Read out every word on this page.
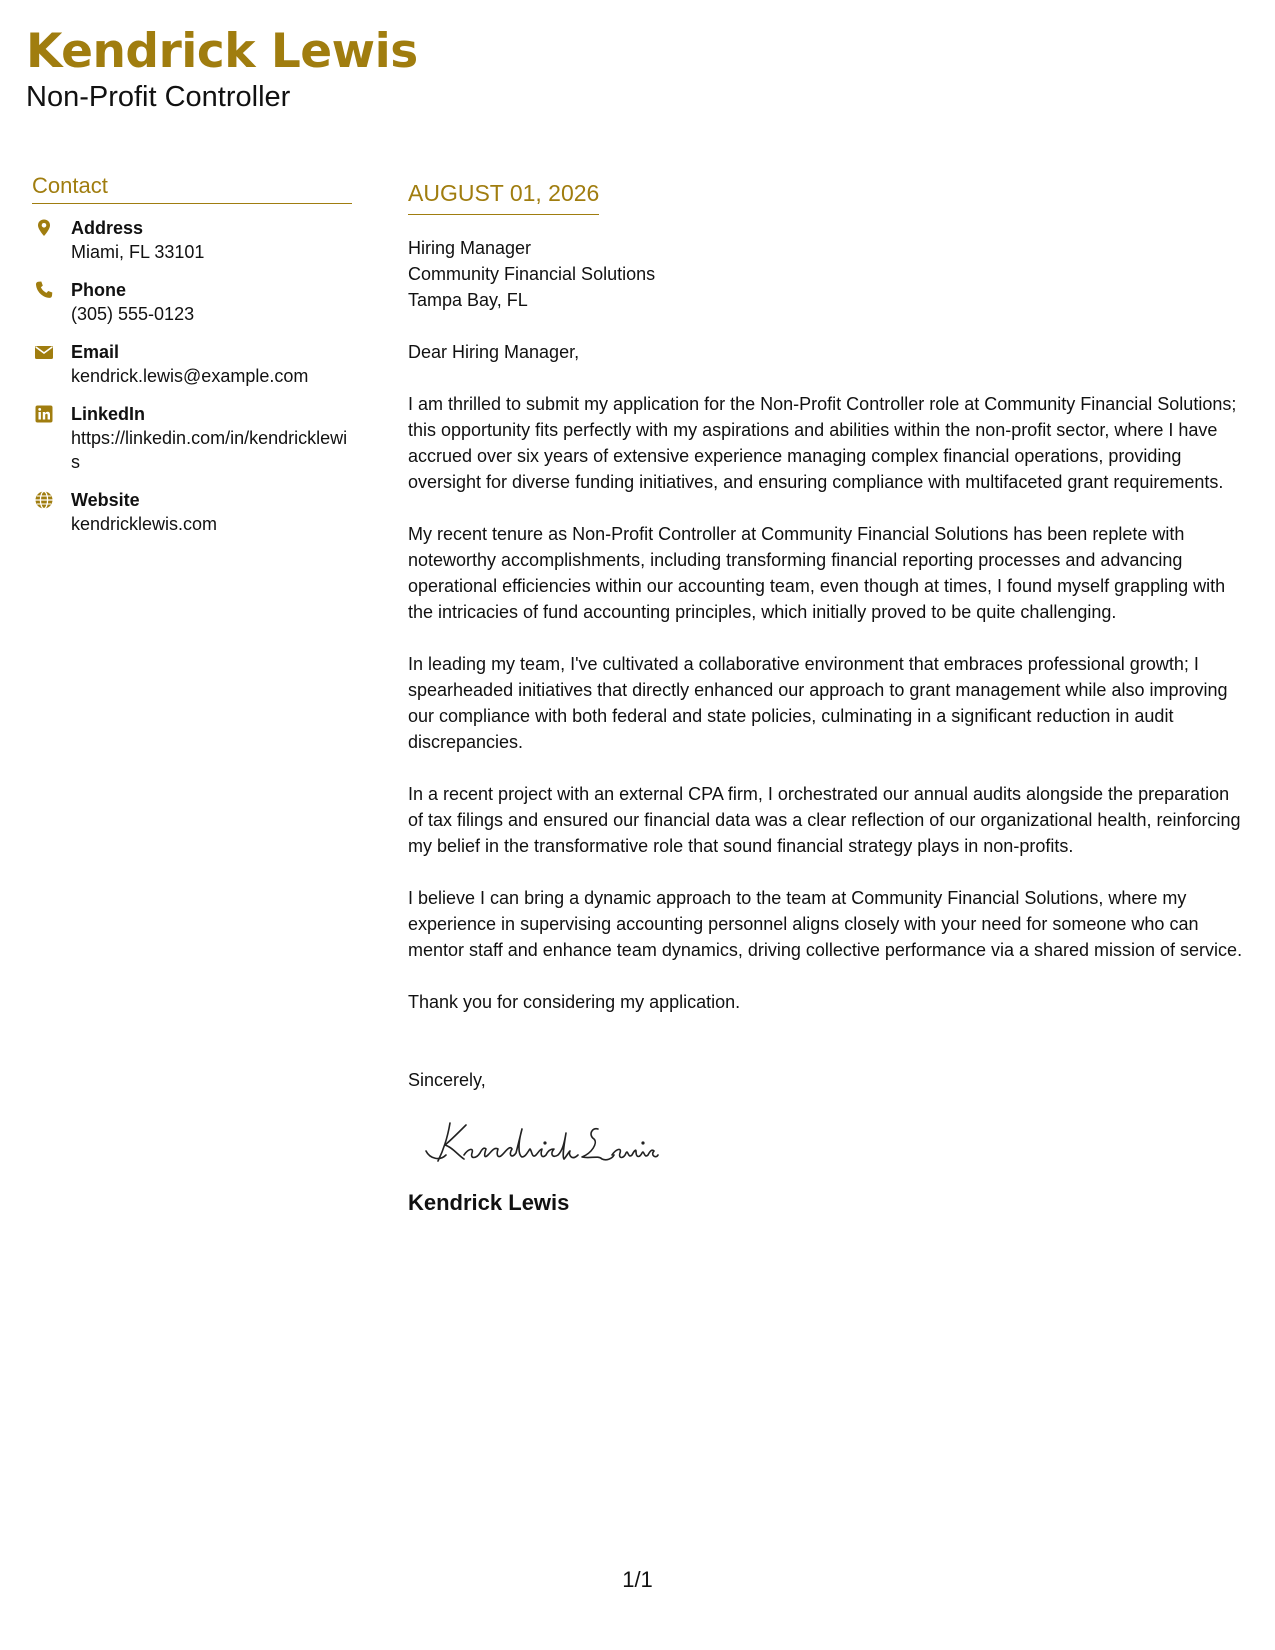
Kendrick Lewis
Non-Profit Controller
Contact
Address
Miami, FL 33101
Phone
(305) 555-0123
Email
kendrick.lewis@example.com
LinkedIn
https://linkedin.com/in/kendricklewis
Website
kendricklewis.com
AUGUST 01, 2026
Hiring Manager
Community Financial Solutions
Tampa Bay, FL
Dear Hiring Manager,
I am thrilled to submit my application for the Non-Profit Controller role at Community Financial Solutions; this opportunity fits perfectly with my aspirations and abilities within the non-profit sector, where I have accrued over six years of extensive experience managing complex financial operations, providing oversight for diverse funding initiatives, and ensuring compliance with multifaceted grant requirements.
My recent tenure as Non-Profit Controller at Community Financial Solutions has been replete with noteworthy accomplishments, including transforming financial reporting processes and advancing operational efficiencies within our accounting team, even though at times, I found myself grappling with the intricacies of fund accounting principles, which initially proved to be quite challenging.
In leading my team, I've cultivated a collaborative environment that embraces professional growth; I spearheaded initiatives that directly enhanced our approach to grant management while also improving our compliance with both federal and state policies, culminating in a significant reduction in audit discrepancies.
In a recent project with an external CPA firm, I orchestrated our annual audits alongside the preparation of tax filings and ensured our financial data was a clear reflection of our organizational health, reinforcing my belief in the transformative role that sound financial strategy plays in non-profits.
I believe I can bring a dynamic approach to the team at Community Financial Solutions, where my experience in supervising accounting personnel aligns closely with your need for someone who can mentor staff and enhance team dynamics, driving collective performance via a shared mission of service.
Thank you for considering my application.
Sincerely,
Kendrick Lewis
1/1
